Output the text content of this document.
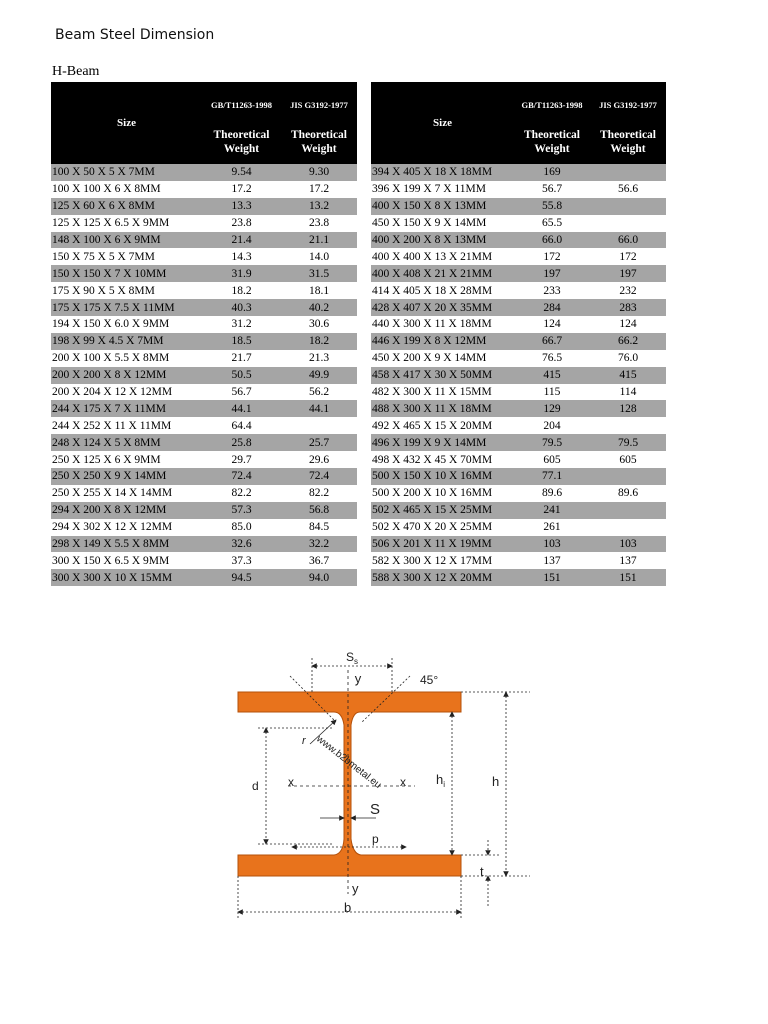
Beam Steel Dimension
H-Beam
Size	GB/T11263-1998	JIS G3192-1977
	Theoretical Weight	Theoretical Weight
100 X 50 X 5 X 7MM	9.54	9.30
100 X 100 X 6 X 8MM	17.2	17.2
125 X 60 X 6 X 8MM	13.3	13.2
125 X 125 X 6.5 X 9MM	23.8	23.8
148 X 100 X 6 X 9MM	21.4	21.1
150 X 75 X 5 X 7MM	14.3	14.0
150 X 150 X 7 X 10MM	31.9	31.5
175 X 90 X 5 X 8MM	18.2	18.1
175 X 175 X 7.5 X 11MM	40.3	40.2
194 X 150 X 6.0 X 9MM	31.2	30.6
198 X 99 X 4.5 X 7MM	18.5	18.2
200 X 100 X 5.5 X 8MM	21.7	21.3
200 X 200 X 8 X 12MM	50.5	49.9
200 X 204 X 12 X 12MM	56.7	56.2
244 X 175 X 7 X 11MM	44.1	44.1
244 X 252 X 11 X 11MM	64.4	
248 X 124 X 5 X 8MM	25.8	25.7
250 X 125 X 6 X 9MM	29.7	29.6
250 X 250 X 9 X 14MM	72.4	72.4
250 X 255 X 14 X 14MM	82.2	82.2
294 X 200 X 8 X 12MM	57.3	56.8
294 X 302 X 12 X 12MM	85.0	84.5
298 X 149 X 5.5 X 8MM	32.6	32.2
300 X 150 X 6.5 X 9MM	37.3	36.7
300 X 300 X 10 X 15MM	94.5	94.0
Size	GB/T11263-1998	JIS G3192-1977
	Theoretical Weight	Theoretical Weight
394 X 405 X 18 X 18MM	169	
396 X 199 X 7 X 11MM	56.7	56.6
400 X 150 X 8 X 13MM	55.8	
450 X 150 X 9 X 14MM	65.5	
400 X 200 X 8 X 13MM	66.0	66.0
400 X 400 X 13 X 21MM	172	172
400 X 408 X 21 X 21MM	197	197
414 X 405 X 18 X 28MM	233	232
428 X 407 X 20 X 35MM	284	283
440 X 300 X 11 X 18MM	124	124
446 X 199 X 8 X 12MM	66.7	66.2
450 X 200 X 9 X 14MM	76.5	76.0
458 X 417 X 30 X 50MM	415	415
482 X 300 X 11 X 15MM	115	114
488 X 300 X 11 X 18MM	129	128
492 X 465 X 15 X 20MM	204	
496 X 199 X 9 X 14MM	79.5	79.5
498 X 432 X 45 X 70MM	605	605
500 X 150 X 10 X 16MM	77.1	
500 X 200 X 10 X 16MM	89.6	89.6
502 X 465 X 15 X 25MM	241	
502 X 470 X 20 X 25MM	261	
506 X 201 X 11 X 19MM	103	103
582 X 300 X 12 X 17MM	137	137
588 X 300 X 12 X 20MM	151	151
$S_s$
y	45°
r
d x	x
S
p
$h_i$	h
t
y
b
www.b2bmetal.eu
